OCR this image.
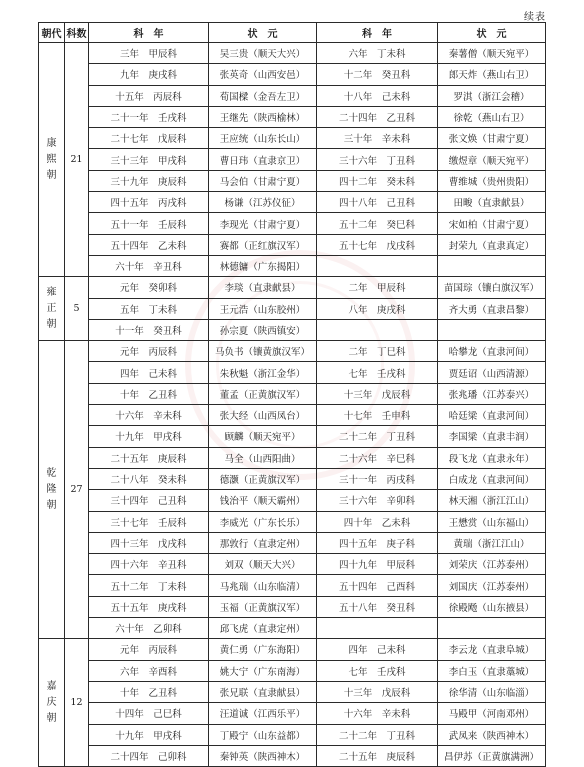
续表
朝代	科数	科　年	状　元	科　年	状　元

康
熙
朝	21	三年　甲辰科	吴三贵（顺天大兴）	六年　丁未科	秦薯僧（顺天宛平）
		九年　庚戌科	张英奇（山西安邑）	十二年　癸丑科	郎天炸（燕山右卫）
		十五年　丙辰科	荀国樑（金吾左卫）	十八年　己未科	罗淇（浙江会稽）
		二十一年　壬戌科	王继先（陕西榆林）	二十四年　乙丑科	徐乾（燕山右卫）
		二十七年　戊辰科	王应统（山东长山）	三十年　辛未科	张文焕（甘肃宁夏）
		三十三年　甲戌科	曹日玮（直隶京卫）	三十六年　丁丑科	缴煜章（顺天宛平）
		三十九年　庚辰科	马会伯（甘肃宁夏）	四十二年　癸未科	曹维城（贵州贵阳）
		四十五年　丙戌科	杨谦（江苏仪征）	四十八年　己丑科	田畯（直隶献县）
		五十一年　壬辰科	李现光（甘肃宁夏）	五十二年　癸巳科	宋如柏（甘肃宁夏）
		五十四年　乙未科	赛都（正红旗汉军）	五十七年　戊戌科	封荣九（直隶真定）
		六十年　辛丑科	林德镛（广东揭阳）		

雍
正
朝	5	元年　癸卯科	李琰（直隶献县）	二年　甲辰科	苗国琮（镶白旗汉军）
		五年　丁未科	王元浩（山东胶州）	八年　庚戌科	齐大勇（直隶昌黎）
		十一年　癸丑科	孙宗夏（陕西镇安）		

乾
隆
朝	27	元年　丙辰科	马负书（镶黄旗汉军）	二年　丁巳科	哈攀龙（直隶河间）
		四年　己未科	朱秋魁（浙江金华）	七年　壬戌科	贾廷诏（山西清源）
		十年　乙丑科	董孟（正黄旗汉军）	十三年　戊辰科	张兆璠（江苏泰兴）
		十六年　辛未科	张大经（山西凤台）	十七年　壬申科	哈廷梁（直隶河间）
		十九年　甲戌科	顾麟（顺天宛平）	二十二年　丁丑科	李国梁（直隶丰润）
		二十五年　庚辰科	马全（山西阳曲）	二十六年　辛巳科	段飞龙（直隶永年）
		二十八年　癸未科	德灏（正黄旗汉军）	三十一年　丙戌科	白成龙（直隶河间）
		三十四年　己丑科	钱治平（顺天霸州）	三十六年　辛卯科	林天湘（浙江江山）
		三十七年　壬辰科	李威光（广东长乐）	四十年　乙未科	王懋赏（山东福山）
		四十三年　戊戌科	那敦行（直隶定州）	四十五年　庚子科	黄瑞（浙江江山）
		四十六年　辛丑科	刘双（顺天大兴）	四十九年　甲辰科	刘荣庆（江苏泰州）
		五十二年　丁未科	马兆瑞（山东临清）	五十四年　己酉科	刘国庆（江苏泰州）
		五十五年　庚戌科	玉福（正黄旗汉军）	五十八年　癸丑科	徐殿飏（山东掖县）
		六十年　乙卯科	邱飞虎（直隶定州）		

嘉
庆
朝	12	元年　丙辰科	黄仁勇（广东海阳）	四年　己未科	李云龙（直隶阜城）
		六年　辛酉科	姚大宁（广东南海）	七年　壬戌科	李白玉（直隶藁城）
		十年　乙丑科	张兄联（直隶献县）	十三年　戊辰科	徐华清（山东临淄）
		十四年　己巳科	汪道诚（江西乐平）	十六年　辛未科	马殿甲（河南邓州）
		十九年　甲戌科	丁殿宁（山东益都）	二十二年　丁丑科	武凤来（陕西神木）
		二十四年　己卯科	秦钟英（陕西神木）	二十五年　庚辰科	昌伊苏（正黄旗满洲）
